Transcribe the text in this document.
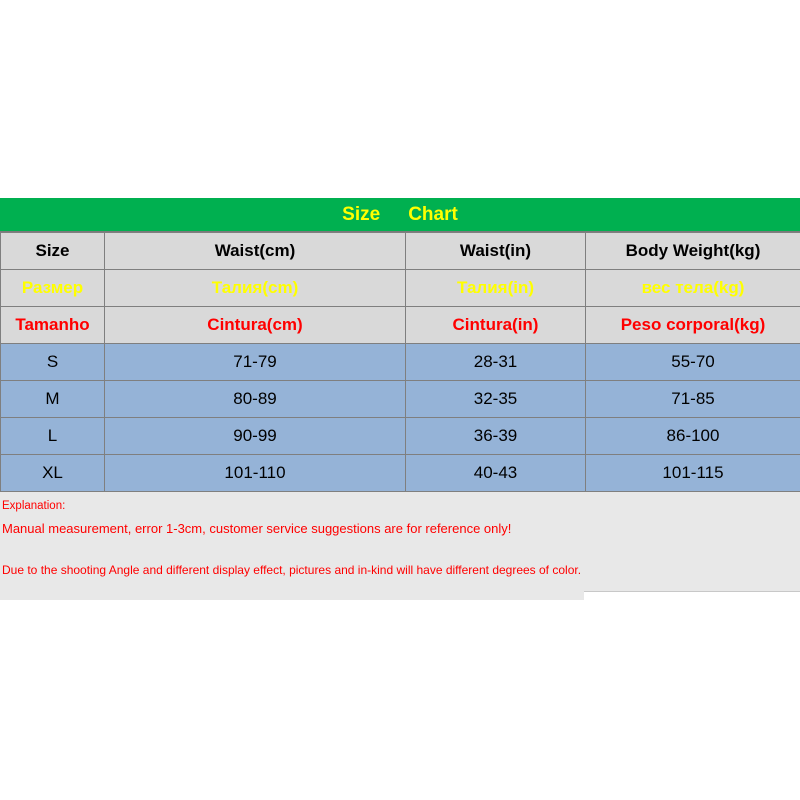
Size Chart
Size	Waist(cm)	Waist(in)	Body Weight(kg)
Размер	Талия(cm)	Талия(in)	вес тела(kg)
Tamanho	Cintura(cm)	Cintura(in)	Peso corporal(kg)
S	71-79	28-31	55-70
M	80-89	32-35	71-85
L	90-99	36-39	86-100
XL	101-110	40-43	101-115
Explanation:
Manual measurement, error 1-3cm, customer service suggestions are for reference only!
Due to the shooting Angle and different display effect, pictures and in-kind will have different degrees of color.
